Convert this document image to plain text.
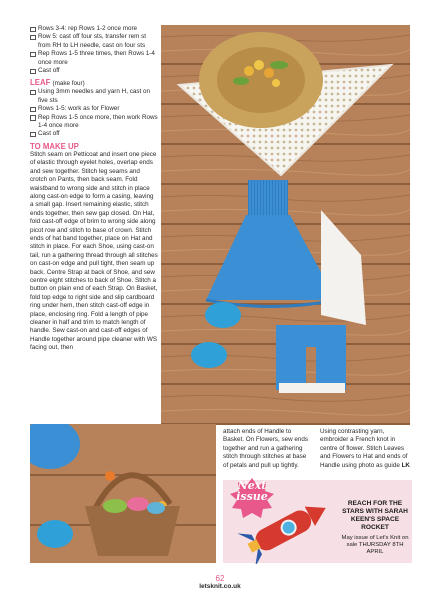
Rows 3-4: rep Rows 1-2 once more
Row 5: cast off four sts, transfer rem st from RH to LH needle, cast on four sts
Rep Rows 1-5 three times, then Rows 1-4 once more
Cast off
LEAF (make four)
Using 3mm needles and yarn H, cast on five sts
Rows 1-5: work as for Flower
Rep Rows 1-5 once more, then work Rows 1-4 once more
Cast off
TO MAKE UP
Stitch seam on Petticoat and insert one piece of elastic through eyelet holes, overlap ends and sew together. Stitch leg seams and crotch on Pants, then back seam. Fold waistband to wrong side and stitch in place along cast-on edge to form a casing, leaving a small gap. Insert remaining elastic, stitch ends together, then sew gap closed. On Hat, fold cast-off edge of brim to wrong side along picot row and stitch to base of crown. Stitch ends of hat band together, place on Hat and stitch in place. For each Shoe, using cast-on tail, run a gathering thread through all stitches on cast-on edge and pull tight, then seam up back. Centre Strap at back of Shoe, and sew centre eight stitches to back of Shoe. Stitch a button on plain end of each Strap. On Basket, fold top edge to right side and slip cardboard ring under hem, then stitch cast-off edge in place, enclosing ring. Fold a length of pipe cleaner in half and trim to match length of handle. Sew cast-on and cast-off edges of Handle together around pipe cleaner with WS facing out, then
attach ends of Handle to Basket. On Flowers, sew ends together and run a gathering stitch through stitches at base of petals and pull up tightly.
Using contrasting yarn, embroider a French knot in centre of flower. Stitch Leaves and Flowers to Hat and ends of Handle using photo as guide LK
Next issue
REACH FOR THE STARS WITH SARAH KEEN'S SPACE ROCKET
May issue of Let's Knit on sale THURSDAY 8TH APRIL
62
letsknit.co.uk
